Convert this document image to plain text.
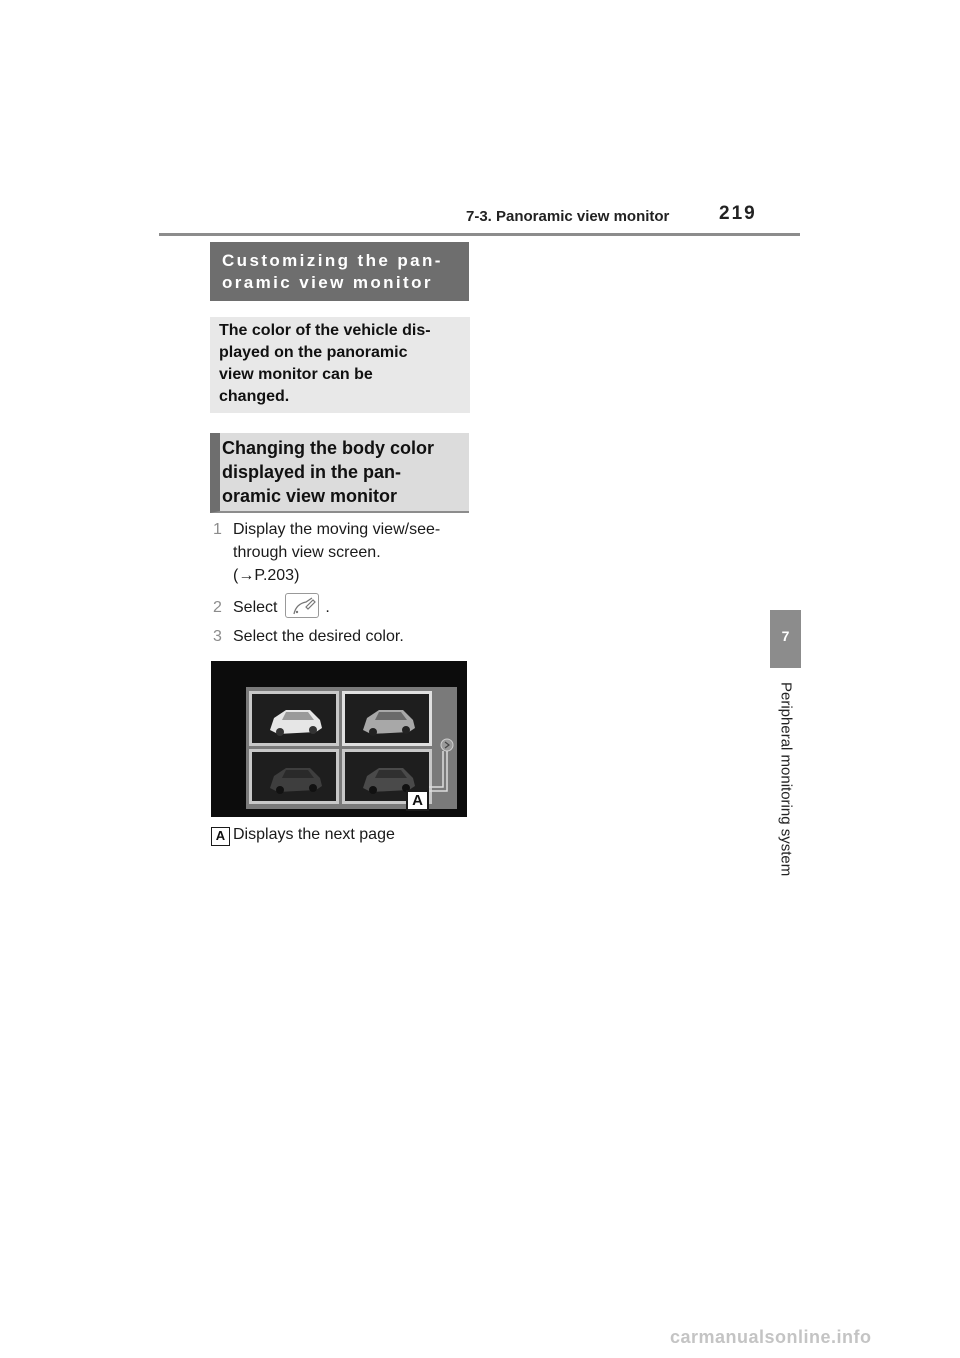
7-3. Panoramic view monitor	219
7
Peripheral monitoring system
Customizing the pan-
oramic view monitor
The color of the vehicle dis-
played on the panoramic
view monitor can be
changed.
Changing the body color
displayed in the pan-
oramic view monitor
1 Display the moving view/see-
through view screen.
(→P.203)
2 Select	.
3 Select the desired color.
A
A Displays the next page
carmanualsonline.info
